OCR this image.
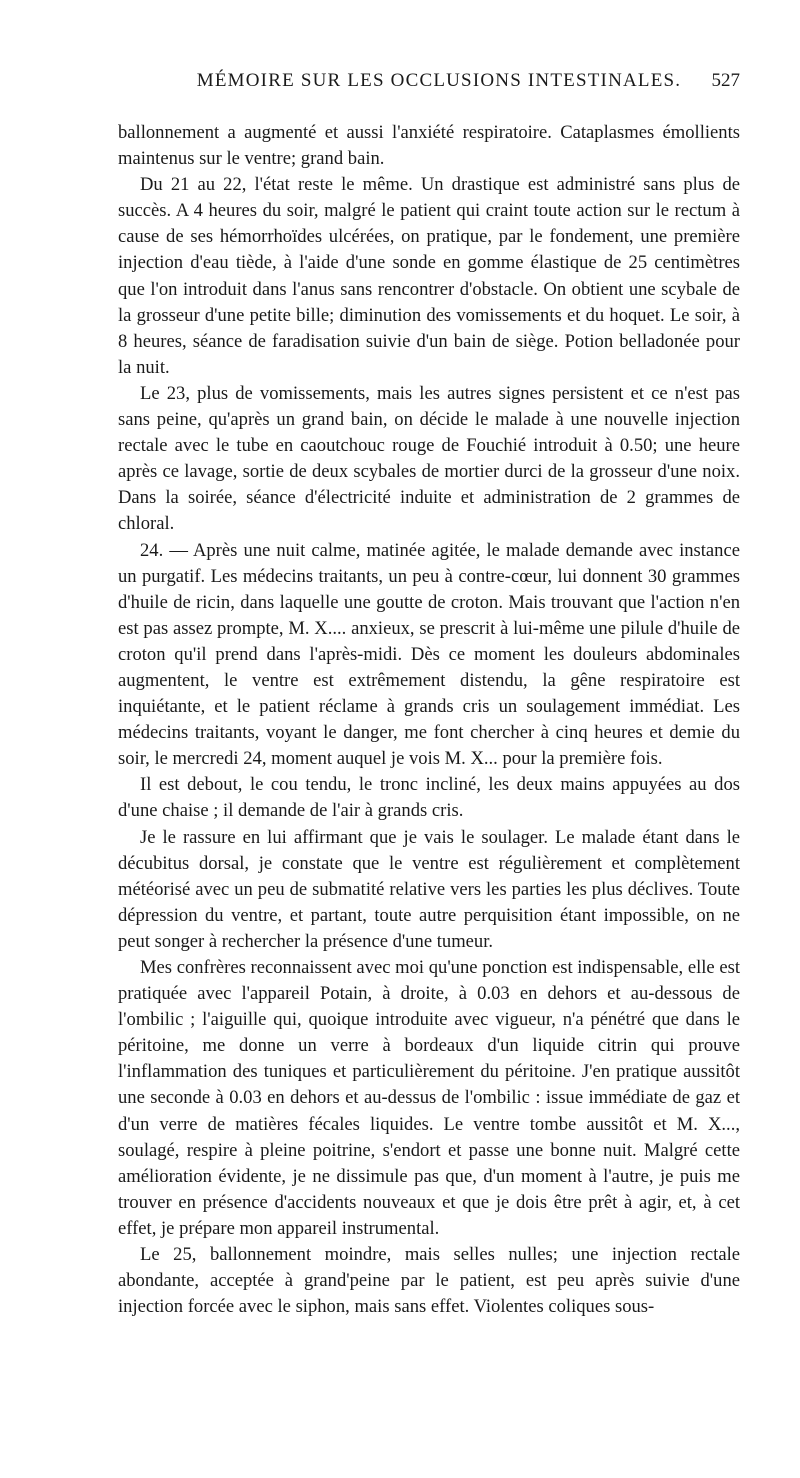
MÉMOIRE SUR LES OCCLUSIONS INTESTINALES. 527

ballonnement a augmenté et aussi l'anxiété respiratoire. Cataplasmes émollients maintenus sur le ventre; grand bain.

Du 21 au 22, l'état reste le même. Un drastique est administré sans plus de succès. A 4 heures du soir, malgré le patient qui craint toute action sur le rectum à cause de ses hémorrhoïdes ulcérées, on pratique, par le fondement, une première injection d'eau tiède, à l'aide d'une sonde en gomme élastique de 25 centimètres que l'on introduit dans l'anus sans rencontrer d'obstacle. On obtient une scybale de la grosseur d'une petite bille; diminution des vomissements et du hoquet. Le soir, à 8 heures, séance de faradisation suivie d'un bain de siège. Potion belladonée pour la nuit.

Le 23, plus de vomissements, mais les autres signes persistent et ce n'est pas sans peine, qu'après un grand bain, on décide le malade à une nouvelle injection rectale avec le tube en caoutchouc rouge de Fouchié introduit à 0.50; une heure après ce lavage, sortie de deux scybales de mortier durci de la grosseur d'une noix. Dans la soirée, séance d'électricité induite et administration de 2 grammes de chloral.

24. — Après une nuit calme, matinée agitée, le malade demande avec instance un purgatif. Les médecins traitants, un peu à contre-cœur, lui donnent 30 grammes d'huile de ricin, dans laquelle une goutte de croton. Mais trouvant que l'action n'en est pas assez prompte, M. X.... anxieux, se prescrit à lui-même une pilule d'huile de croton qu'il prend dans l'après-midi. Dès ce moment les douleurs abdominales augmentent, le ventre est extrêmement distendu, la gêne respiratoire est inquiétante, et le patient réclame à grands cris un soulagement immédiat. Les médecins traitants, voyant le danger, me font chercher à cinq heures et demie du soir, le mercredi 24, moment auquel je vois M. X... pour la première fois.

Il est debout, le cou tendu, le tronc incliné, les deux mains appuyées au dos d'une chaise ; il demande de l'air à grands cris.

Je le rassure en lui affirmant que je vais le soulager. Le malade étant dans le décubitus dorsal, je constate que le ventre est régulièrement et complètement météorisé avec un peu de submatité relative vers les parties les plus déclives. Toute dépression du ventre, et partant, toute autre perquisition étant impossible, on ne peut songer à rechercher la présence d'une tumeur.

Mes confrères reconnaissent avec moi qu'une ponction est indispensable, elle est pratiquée avec l'appareil Potain, à droite, à 0.03 en dehors et au-dessous de l'ombilic ; l'aiguille qui, quoique introduite avec vigueur, n'a pénétré que dans le péritoine, me donne un verre à bordeaux d'un liquide citrin qui prouve l'inflammation des tuniques et particulièrement du péritoine. J'en pratique aussitôt une seconde à 0.03 en dehors et au-dessus de l'ombilic : issue immédiate de gaz et d'un verre de matières fécales liquides. Le ventre tombe aussitôt et M. X..., soulagé, respire à pleine poitrine, s'endort et passe une bonne nuit. Malgré cette amélioration évidente, je ne dissimule pas que, d'un moment à l'autre, je puis me trouver en présence d'accidents nouveaux et que je dois être prêt à agir, et, à cet effet, je prépare mon appareil instrumental.

Le 25, ballonnement moindre, mais selles nulles; une injection rectale abondante, acceptée à grand'peine par le patient, est peu après suivie d'une injection forcée avec le siphon, mais sans effet. Violentes coliques sous-
